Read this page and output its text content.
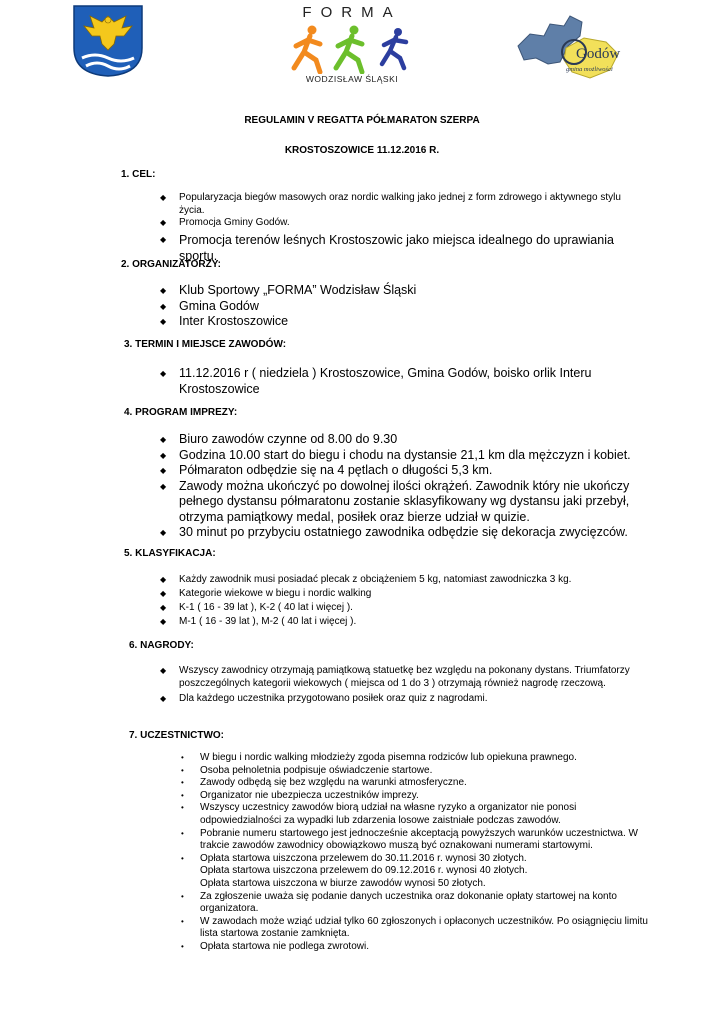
FORMA
WODZISŁAW ŚLĄSKI
Godów
gmina możliwości
REGULAMIN V REGATTA PÓŁMARATON SZERPA
KROSTOSZOWICE 11.12.2016 R.
1. CEL:
◆ Popularyzacja biegów masowych oraz nordic walking jako jednej z form zdrowego i aktywnego stylu życia.
◆ Promocja Gminy Godów.
◆ Promocja terenów leśnych Krostoszowic jako miejsca idealnego do uprawiania sportu.
2. ORGANIZATORZY:
◆ Klub Sportowy „FORMA” Wodzisław Śląski
◆ Gmina Godów
◆ Inter Krostoszowice
3. TERMIN I MIEJSCE ZAWODÓW:
◆ 11.12.2016 r ( niedziela ) Krostoszowice, Gmina Godów, boisko orlik Interu Krostoszowice
4. PROGRAM IMPREZY:
◆ Biuro zawodów czynne od 8.00 do 9.30
◆ Godzina 10.00 start do biegu i chodu na dystansie 21,1 km dla mężczyzn i kobiet.
◆ Półmaraton odbędzie się na 4 pętlach o długości 5,3 km.
◆ Zawody można ukończyć po dowolnej ilości okrążeń. Zawodnik który nie ukończy pełnego dystansu półmaratonu zostanie sklasyfikowany wg dystansu jaki przebył, otrzyma pamiątkowy medal, posiłek oraz bierze udział w quizie.
◆ 30 minut po przybyciu ostatniego zawodnika odbędzie się dekoracja zwycięzców.
5. KLASYFIKACJA:
◆ Każdy zawodnik musi posiadać plecak z obciążeniem 5 kg, natomiast zawodniczka 3 kg.
◆ Kategorie wiekowe w biegu i nordic walking
◆ K-1 ( 16 - 39 lat ), K-2 ( 40 lat i więcej ).
◆ M-1 ( 16 - 39 lat ), M-2 ( 40 lat i więcej ).
6. NAGRODY:
◆ Wszyscy zawodnicy otrzymają pamiątkową statuetkę bez względu na pokonany dystans. Triumfatorzy poszczególnych kategorii wiekowych ( miejsca od 1 do 3 ) otrzymają również nagrodę rzeczową.
◆ Dla każdego uczestnika przygotowano posiłek oraz quiz z nagrodami.
7. UCZESTNICTWO:
• W biegu i nordic walking młodzieży zgoda pisemna rodziców lub opiekuna prawnego.
• Osoba pełnoletnia podpisuje oświadczenie startowe.
• Zawody odbędą się bez względu na warunki atmosferyczne.
• Organizator nie ubezpiecza uczestników imprezy.
• Wszyscy uczestnicy zawodów biorą udział na własne ryzyko a organizator nie ponosi odpowiedzialności za wypadki lub zdarzenia losowe zaistniałe podczas zawodów.
• Pobranie numeru startowego jest jednocześnie akceptacją powyższych warunków uczestnictwa. W trakcie zawodów zawodnicy obowiązkowo muszą być oznakowani numerami startowymi.
• Opłata startowa uiszczona przelewem do 30.11.2016 r. wynosi 30 złotych.
Opłata startowa uiszczona przelewem do 09.12.2016 r. wynosi 40 złotych.
Opłata startowa uiszczona w biurze zawodów wynosi 50 złotych.
• Za zgłoszenie uważa się podanie danych uczestnika oraz dokonanie opłaty startowej na konto organizatora.
• W zawodach może wziąć udział tylko 60 zgłoszonych i opłaconych uczestników. Po osiągnięciu limitu lista startowa zostanie zamknięta.
• Opłata startowa nie podlega zwrotowi.
